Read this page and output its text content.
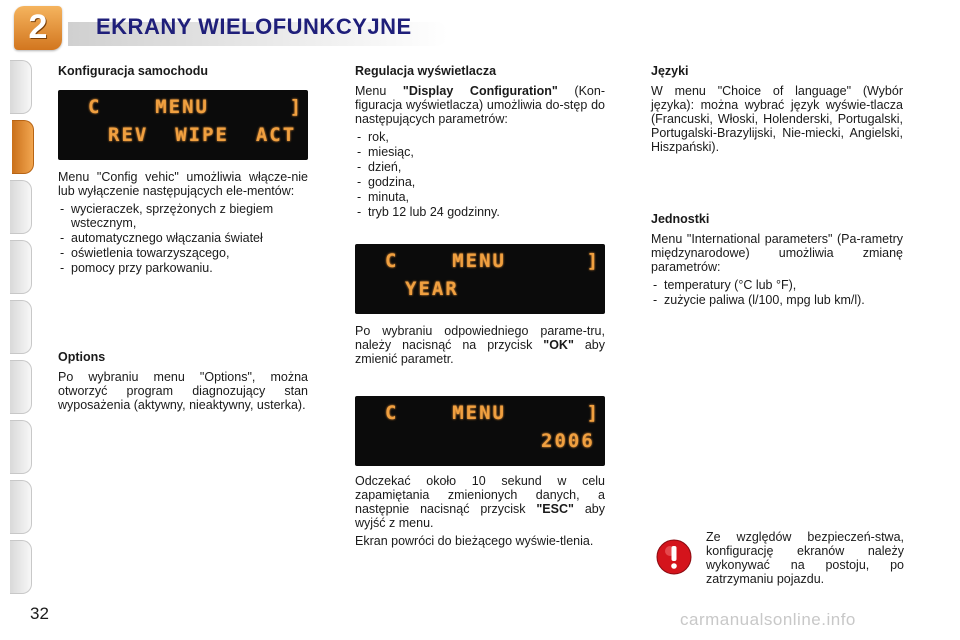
2	EKRANY WIELOFUNKCYJNE
Konfiguracja samochodu
C    MENU      ]
REV  WIPE  ACT

Menu "Config vehic" umożliwia włącze-nie lub wyłączenie następujących ele-mentów:

- wycieraczek, sprzężonych z biegiem wstecznym,
- automatycznego włączania świateł
- oświetlenia towarzyszącego,
- pomocy przy parkowaniu.
Options

Po wybraniu menu "Options", można otworzyć program diagnozujący stan wyposażenia (aktywny, nieaktywny, usterka).

Regulacja wyświetlacza

Menu "Display Configuration" (Kon-figuracja wyświetlacza) umożliwia do-stęp do następujących parametrów:

- rok,
- miesiąc,
- dzień,
- godzina,
- minuta,
- tryb 12 lub 24 godzinny.
C    MENU      ]
YEAR

Po wybraniu odpowiedniego parame-tru, należy nacisnąć na przycisk "OK" aby zmienić parametr.

C    MENU      ]
2006

Odczekać około 10 sekund w celu zapamiętania zmienionych danych, a następnie nacisnąć przycisk "ESC" aby wyjść z menu.

Ekran powróci do bieżącego wyświe-tlenia.

Języki

W menu "Choice of language" (Wybór języka): można wybrać język wyświe-tlacza (Francuski, Włoski, Holenderski, Portugalski, Portugalski-Brazylijski, Nie-miecki, Angielski, Hiszpański).

Jednostki

Menu "International parameters" (Pa-rametry międzynarodowe) umożliwia zmianę parametrów:

- temperatury (°C lub °F),
- zużycie paliwa (l/100, mpg lub km/l).

Ze względów bezpieczeń-stwa, konfigurację ekranów należy wykonywać na postoju, po zatrzymaniu pojazdu.

32	carmanualsonline.info
